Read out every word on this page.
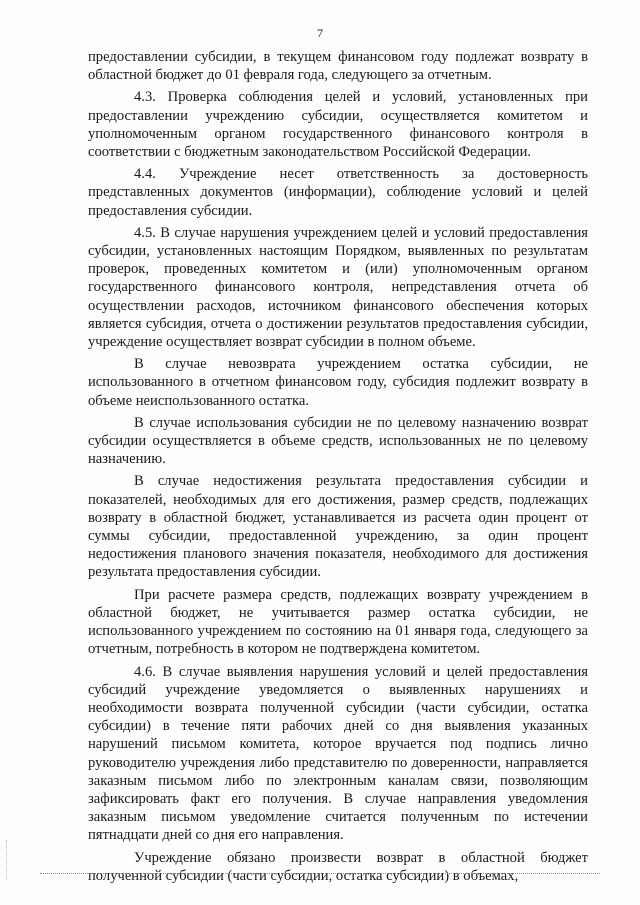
7

предоставлении субсидии, в текущем финансовом году подлежат возврату в областной бюджет до 01 февраля года, следующего за отчетным.

4.3. Проверка соблюдения целей и условий, установленных при предоставлении учреждению субсидии, осуществляется комитетом и уполномоченным органом государственного финансового контроля в соответствии с бюджетным законодательством Российской Федерации.

4.4. Учреждение несет ответственность за достоверность представленных документов (информации), соблюдение условий и целей предоставления субсидии.

4.5. В случае нарушения учреждением целей и условий предоставления субсидии, установленных настоящим Порядком, выявленных по результатам проверок, проведенных комитетом и (или) уполномоченным органом государственного финансового контроля, непредставления отчета об осуществлении расходов, источником финансового обеспечения которых является субсидия, отчета о достижении результатов предоставления субсидии, учреждение осуществляет возврат субсидии в полном объеме.

В случае невозврата учреждением остатка субсидии, не использованного в отчетном финансовом году, субсидия подлежит возврату в объеме неиспользованного остатка.

В случае использования субсидии не по целевому назначению возврат субсидии осуществляется в объеме средств, использованных не по целевому назначению.

В случае недостижения результата предоставления субсидии и показателей, необходимых для его достижения, размер средств, подлежащих возврату в областной бюджет, устанавливается из расчета один процент от суммы субсидии, предоставленной учреждению, за один процент недостижения планового значения показателя, необходимого для достижения результата предоставления субсидии.

При расчете размера средств, подлежащих возврату учреждением в областной бюджет, не учитывается размер остатка субсидии, не использованного учреждением по состоянию на 01 января года, следующего за отчетным, потребность в котором не подтверждена комитетом.

4.6. В случае выявления нарушения условий и целей предоставления субсидий учреждение уведомляется о выявленных нарушениях и необходимости возврата полученной субсидии (части субсидии, остатка субсидии) в течение пяти рабочих дней со дня выявления указанных нарушений письмом комитета, которое вручается под подпись лично руководителю учреждения либо представителю по доверенности, направляется заказным письмом либо по электронным каналам связи, позволяющим зафиксировать факт его получения. В случае направления уведомления заказным письмом уведомление считается полученным по истечении пятнадцати дней со дня его направления.

Учреждение обязано произвести возврат в областной бюджет полученной субсидии (части субсидии, остатка субсидии) в объемах,
